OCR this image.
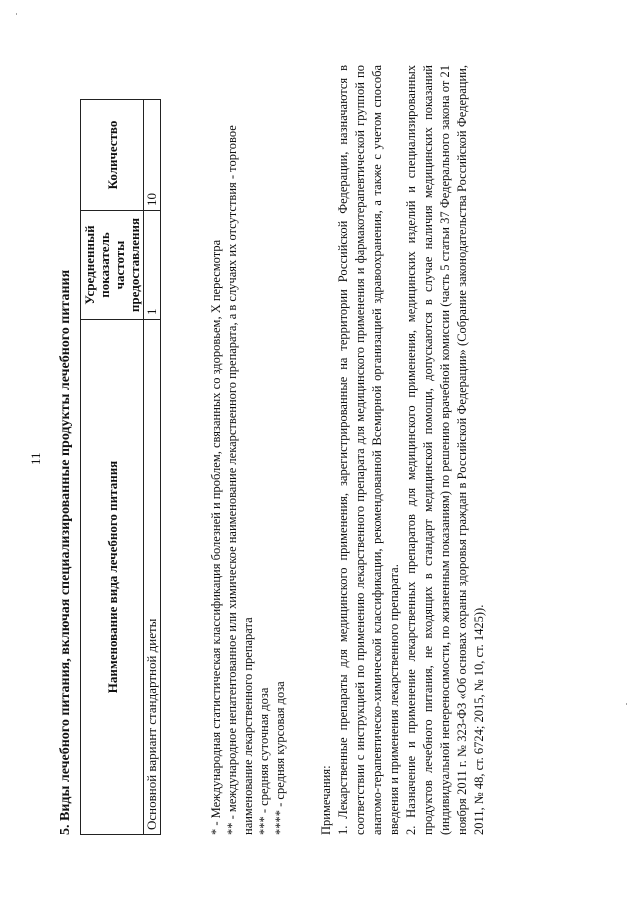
11 5. Виды лечебного питания, включая специализированные продукты лечебного питания Наименование вида лечебного питания	Усредненный показатель частоты предоставления	Количество
Основной вариант стандартной диеты	1	10

* - Международная статистическая классификация болезней и проблем, связанных со здоровьем, X пересмотра ** - международное непатентованное или химическое наименование лекарственного препарата, а в случаях их отсутствия - торговое наименование лекарственного препарата *** - средняя суточная доза **** - средняя курсовая доза	Примечания: 1. Лекарственные препараты для медицинского применения, зарегистрированные на территории Российской Федерации, назначаются в соответствии с инструкцией по применению лекарственного препарата для медицинского применения и фармакотерапевтической группой по анатомо-терапевтическо-химической классификации, рекомендованной Всемирной организацией здравоохранения, а также с учетом способа введения и применения лекарственного препарата. 2. Назначение и применение лекарственных препаратов для медицинского применения, медицинских изделий и специализированных продуктов лечебного питания, не входящих в стандарт медицинской помощи, допускаются в случае наличия медицинских показаний (индивидуальной непереносимости, по жизненным показаниям) по решению врачебной комиссии (часть 5 статьи 37 Федерального закона от 21 ноября 2011 г. № 323-ФЗ «Об основах охраны здоровья граждан в Российской Федерации» (Собрание законодательства Российской Федерации, 2011, № 48, ст. 6724; 2015, № 10, ст. 1425)).

.
.
